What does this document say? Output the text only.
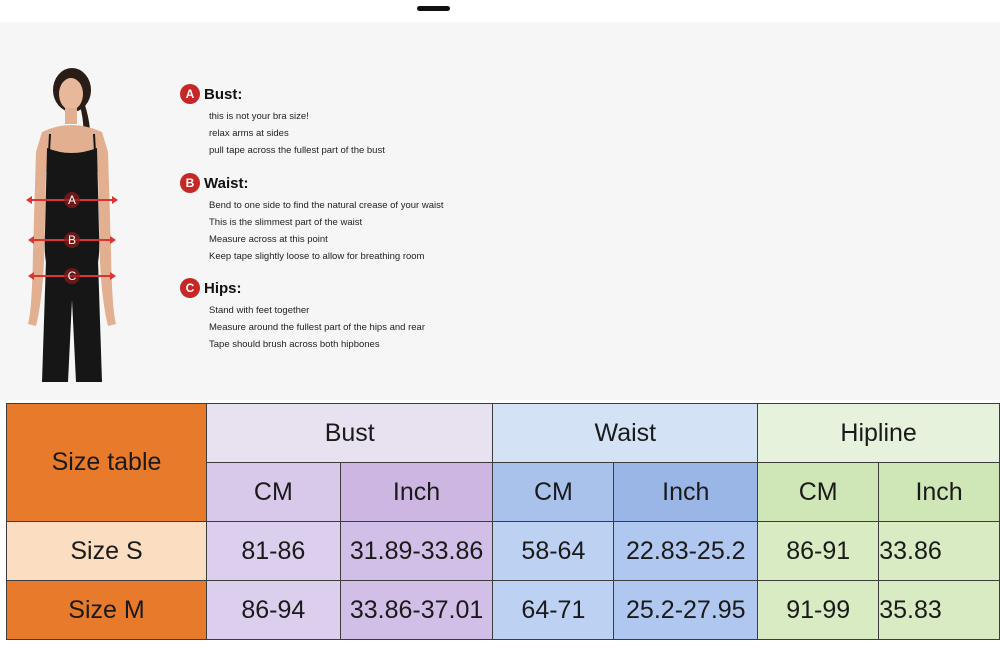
A
B
C
A Bust:
this is not your bra size!
relax arms at sides
pull tape across the fullest part of the bust
B Waist:
Bend to one side to find the natural crease of your waist
This is the slimmest part of the waist
Measure across at this point
Keep tape slightly loose to allow for breathing room
C Hips:
Stand with feet together
Measure around the fullest part of the hips and rear
Tape should brush across both hipbones
Size table	Bust		Waist		Hipline	
	CM	Inch	CM	Inch	CM	Inch
Size S	81-86	31.89-33.86	58-64	22.83-25.2	86-91	33.86
Size M	86-94	33.86-37.01	64-71	25.2-27.95	91-99	35.83
